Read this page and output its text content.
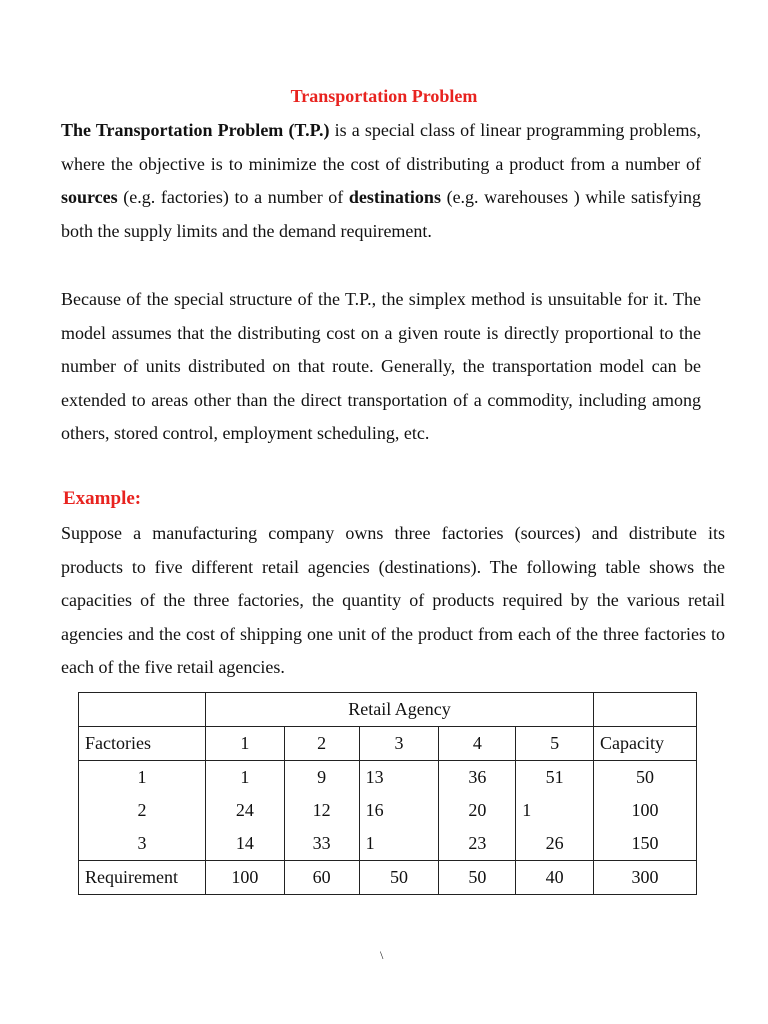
Transportation Problem

The Transportation Problem (T.P.) is a special class of linear programming problems, where the objective is to minimize the cost of distributing a product from a number of sources (e.g. factories) to a number of destinations (e.g. warehouses ) while satisfying both the supply limits and the demand requirement.

Because of the special structure of the T.P., the simplex method is unsuitable for it. The model assumes that the distributing cost on a given route is directly proportional to the number of units distributed on that route. Generally, the transportation model can be extended to areas other than the direct transportation of a commodity, including among others, stored control, employment scheduling, etc.

Example:

Suppose a manufacturing company owns three factories (sources) and distribute its products to five different retail agencies (destinations). The following table shows the capacities of the three factories, the quantity of products required by the various retail agencies and the cost of shipping one unit of the product from each of the three factories to each of the five retail agencies.

	Retail Agency					
Factories	1	2	3	4	5	Capacity
1	1	9	13	36	51	50
2	24	12	16	20	1	100
3	14	33	1	23	26	150
Requirement	100	60	50	50	40	300
\
